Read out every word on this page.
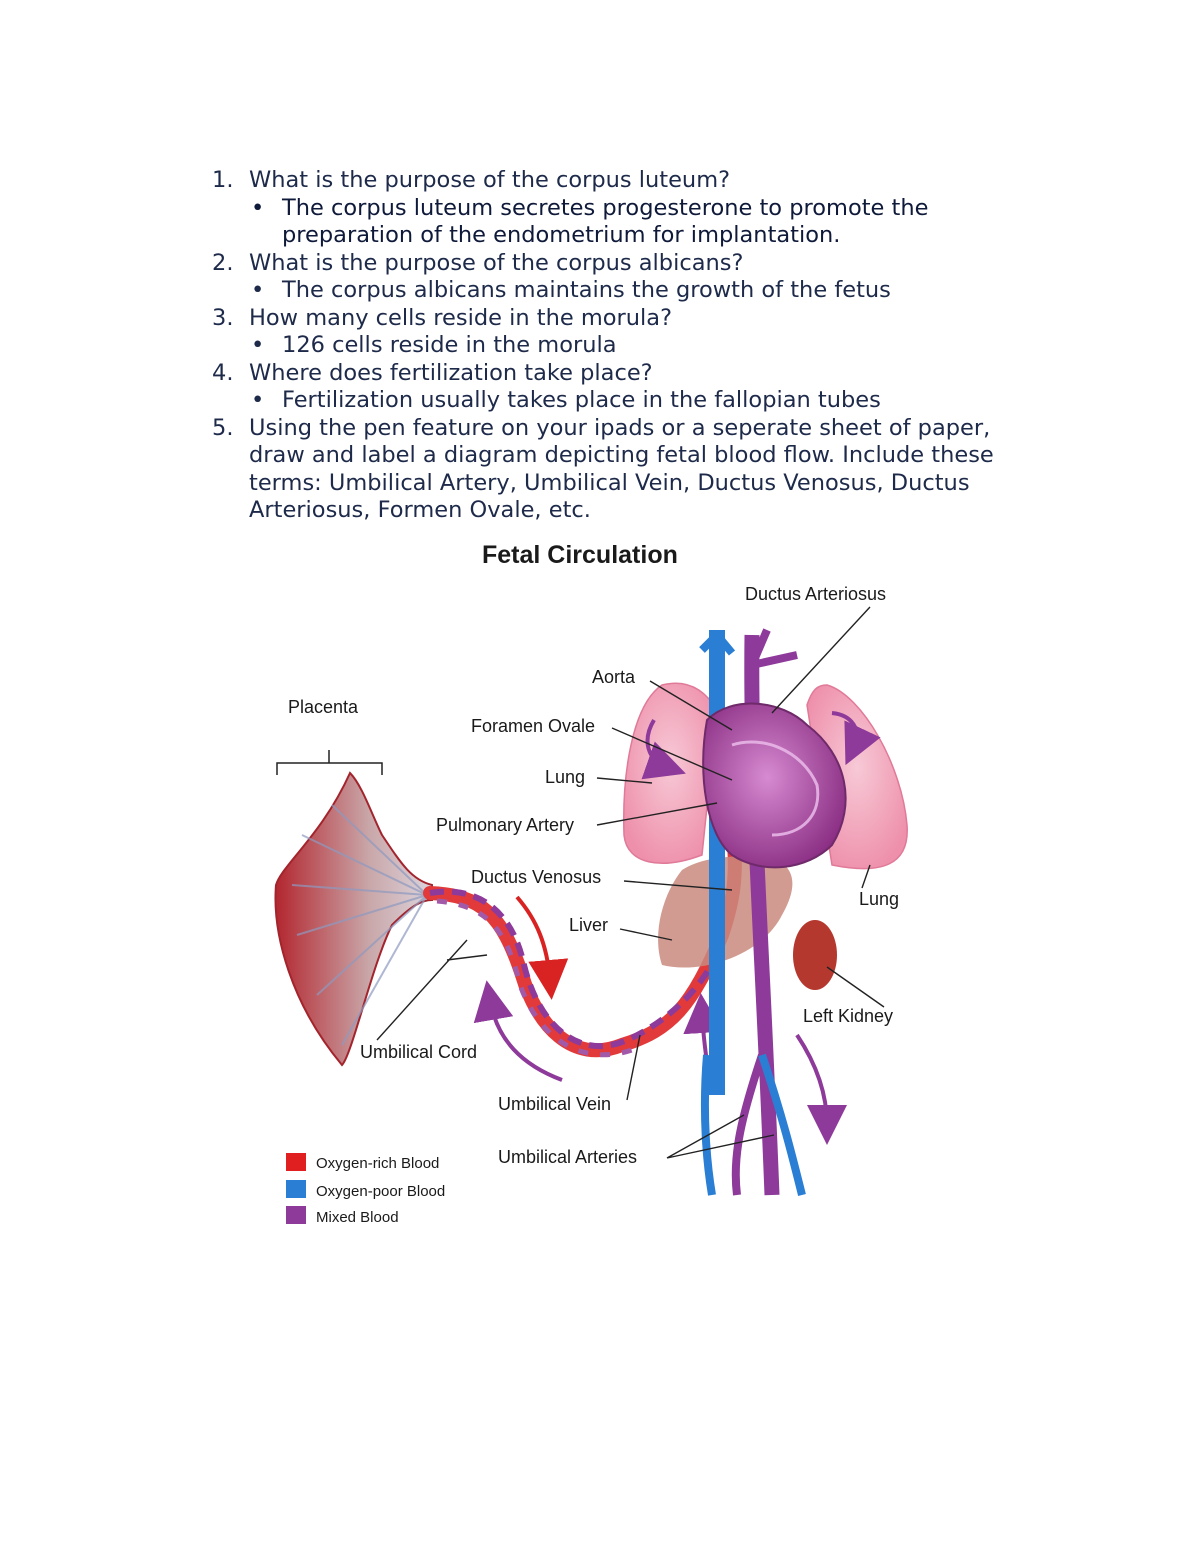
1. What is the purpose of the corpus luteum?
• The corpus luteum secretes progesterone to promote the
preparation of the endometrium for implantation.
2. What is the purpose of the corpus albicans?
• The corpus albicans maintains the growth of the fetus
3. How many cells reside in the morula?
• 126 cells reside in the morula
4. Where does fertilization take place?
• Fertilization usually takes place in the fallopian tubes
5. Using the pen feature on your ipads or a seperate sheet of paper,
draw and label a diagram depicting fetal blood flow. Include these
terms: Umbilical Artery, Umbilical Vein, Ductus Venosus, Ductus
Arteriosus, Formen Ovale, etc.
Fetal Circulation
Ductus Arteriosus
Aorta
Placenta
Foramen Ovale
Lung
Pulmonary Artery
Ductus Venosus
Lung
Liver
Left Kidney
Umbilical Cord
Umbilical Vein
Umbilical Arteries
Oxygen-rich Blood
Oxygen-poor Blood
Mixed Blood
